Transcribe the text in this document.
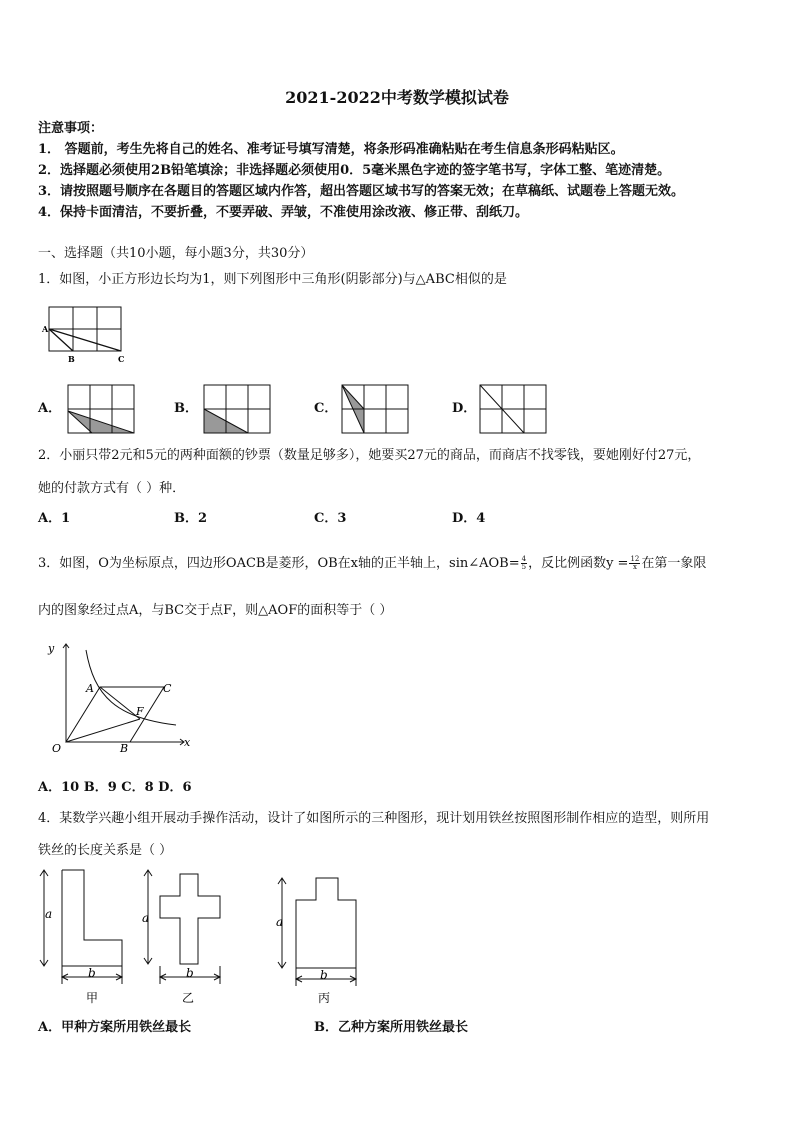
2021-2022中考数学模拟试卷
注意事项：
1． 答题前，考生先将自己的姓名、准考证号填写清楚，将条形码准确粘贴在考生信息条形码粘贴区。
2．选择题必须使用2B铅笔填涂；非选择题必须使用0．5毫米黑色字迹的签字笔书写，字体工整、笔迹清楚。
3．请按照题号顺序在各题目的答题区域内作答，超出答题区域书写的答案无效；在草稿纸、试题卷上答题无效。
4．保持卡面清洁，不要折叠，不要弄破、弄皱，不准使用涂改液、修正带、刮纸刀。
一、选择题（共10小题，每小题3分，共30分）
1．如图，小正方形边长均为1，则下列图形中三角形(阴影部分)与△ABC相似的是
A
B	C
A．	B．	C．	D．
2．小丽只带2元和5元的两种面额的钞票（数量足够多），她要买27元的商品，而商店不找零钱，要她刚好付27元，
她的付款方式有（ ）种．
A．1	B．2	C．3	D．4
3．如图，O为坐标原点，四边形OACB是菱形，OB在x轴的正半轴上，sin∠AOB= $\frac{4}{5}$ ，反比例函数$y = \frac{12}{x}$ 在第一象限
内的图象经过点A，与BC交于点F，则△AOF的面积等于（ ）
y
x
O
A	C
F
B
A．10 B．9 C．8 D．6
4．某数学兴趣小组开展动手操作活动，设计了如图所示的三种图形，现计划用铁丝按照图形制作相应的造型，则所用
铁丝的长度关系是（ ）
a
b
甲
a
b
乙
a
b
丙
A．甲种方案所用铁丝最长	B．乙种方案所用铁丝最长
